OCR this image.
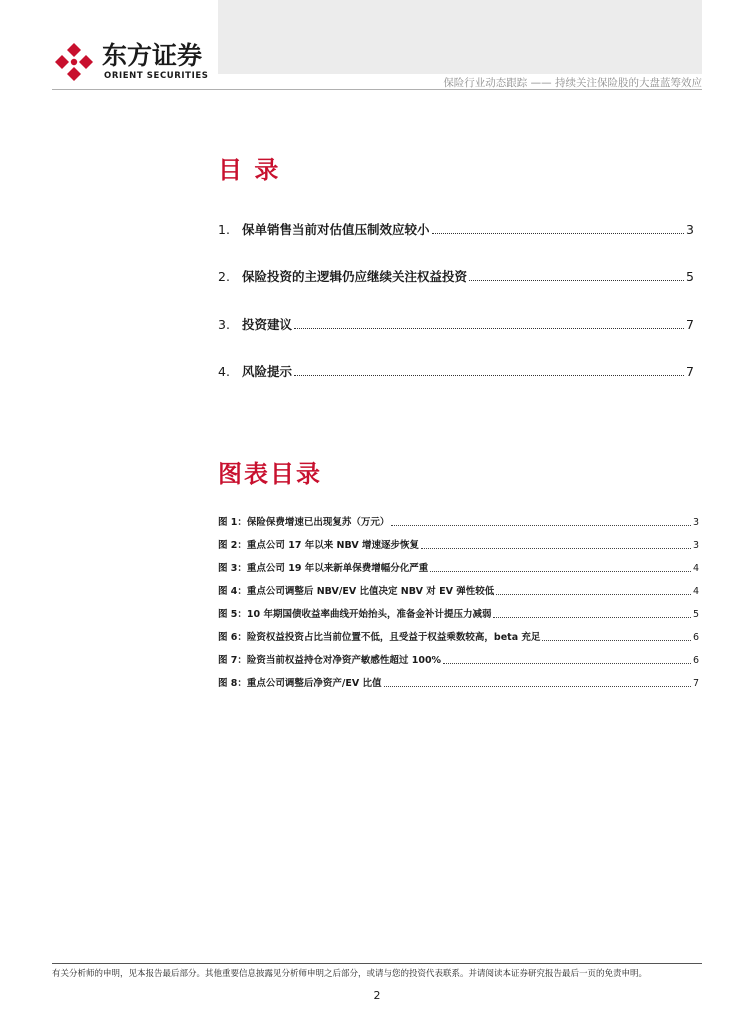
东方证券
ORIENT SECURITIES
保险行业动态跟踪 —— 持续关注保险股的大盘蓝筹效应
目 录
1. 保单销售当前对估值压制效应较小	3
2. 保险投资的主逻辑仍应继续关注权益投资	5
3. 投资建议	7
4. 风险提示	7
图表目录
图 1：保险保费增速已出现复苏（万元）	3
图 2：重点公司 17 年以来 NBV 增速逐步恢复	3
图 3：重点公司 19 年以来新单保费增幅分化严重	4
图 4：重点公司调整后 NBV/EV 比值决定 NBV 对 EV 弹性较低	4
图 5：10 年期国债收益率曲线开始抬头，准备金补计提压力减弱	5
图 6：险资权益投资占比当前位置不低，且受益于权益乘数较高，beta 充足	6
图 7：险资当前权益持仓对净资产敏感性超过 100%	6
图 8：重点公司调整后净资产/EV 比值	7
有关分析师的申明，见本报告最后部分。其他重要信息披露见分析师申明之后部分，或请与您的投资代表联系。并请阅读本证券研究报告最后一页的免责申明。
2
